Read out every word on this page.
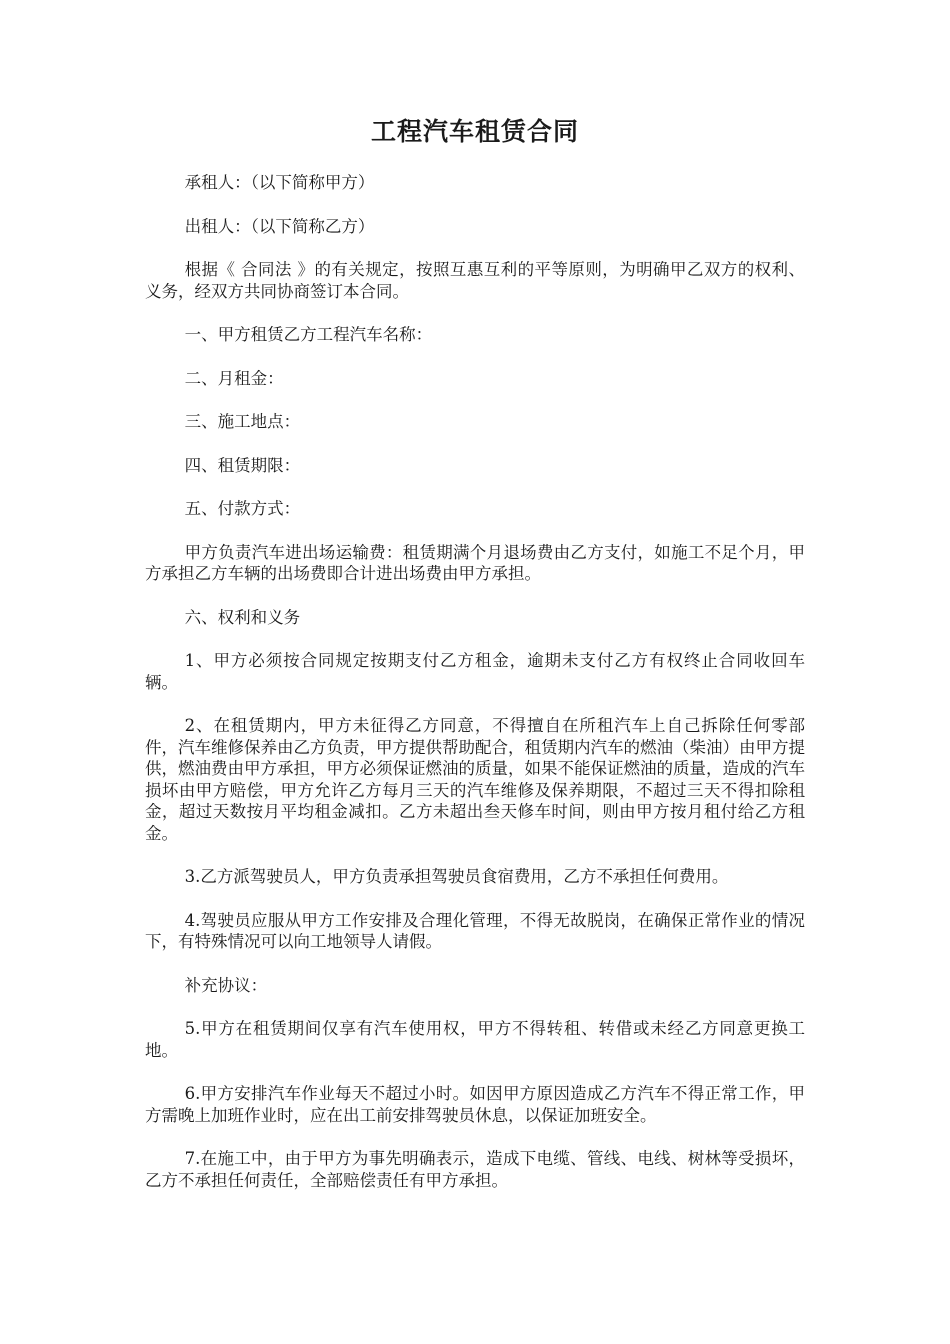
工程汽车租赁合同

承租人：（以下简称甲方）

出租人：（以下简称乙方）

根据《 合同法 》的有关规定，按照互惠互利的平等原则，为明确甲乙双方的权利、义务，经双方共同协商签订本合同。

一、甲方租赁乙方工程汽车名称：

二、月租金：

三、施工地点：

四、租赁期限：

五、付款方式：

甲方负责汽车进出场运输费：租赁期满个月退场费由乙方支付，如施工不足个月，甲方承担乙方车辆的出场费即合计进出场费由甲方承担。

六、权利和义务

1、甲方必须按合同规定按期支付乙方租金，逾期未支付乙方有权终止合同收回车辆。

2、在租赁期内，甲方未征得乙方同意，不得擅自在所租汽车上自己拆除任何零部件，汽车维修保养由乙方负责，甲方提供帮助配合，租赁期内汽车的燃油（柴油）由甲方提供，燃油费由甲方承担，甲方必须保证燃油的质量，如果不能保证燃油的质量，造成的汽车损坏由甲方赔偿，甲方允许乙方每月三天的汽车维修及保养期限，不超过三天不得扣除租金，超过天数按月平均租金减扣。乙方未超出叁天修车时间，则由甲方按月租付给乙方租金。

3.乙方派驾驶员人，甲方负责承担驾驶员食宿费用，乙方不承担任何费用。

4.驾驶员应服从甲方工作安排及合理化管理，不得无故脱岗，在确保正常作业的情况下，有特殊情况可以向工地领导人请假。

补充协议：

5.甲方在租赁期间仅享有汽车使用权，甲方不得转租、转借或未经乙方同意更换工地。

6.甲方安排汽车作业每天不超过小时。如因甲方原因造成乙方汽车不得正常工作，甲方需晚上加班作业时，应在出工前安排驾驶员休息，以保证加班安全。

7.在施工中，由于甲方为事先明确表示，造成下电缆、管线、电线、树林等受损坏，乙方不承担任何责任，全部赔偿责任有甲方承担。
